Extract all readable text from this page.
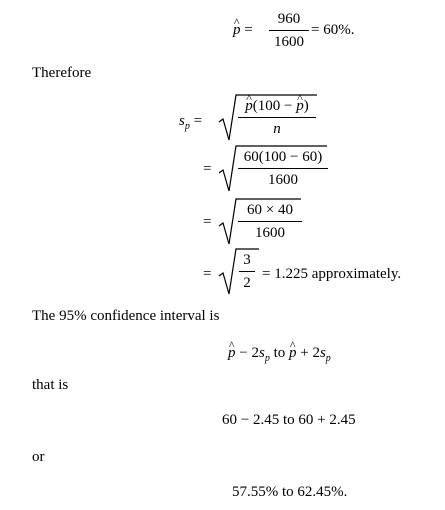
^ $p = \frac{960}{1600} = 60\%$.
Therefore
$s_p$ =
^ $\frac{p(100 - \^{} p)}{n}$
= $\frac{60(100 - 60)}{1600}$
= $\frac{60 \times 40}{1600}$
= $\frac{3}{2} = 1.225$ approximately.
The 95% confidence interval is
^ $p - 2s_p$ to ^ $p + 2s_p$
that is
60 − 2.45 to 60 + 2.45
or
57.55% to 62.45%.
